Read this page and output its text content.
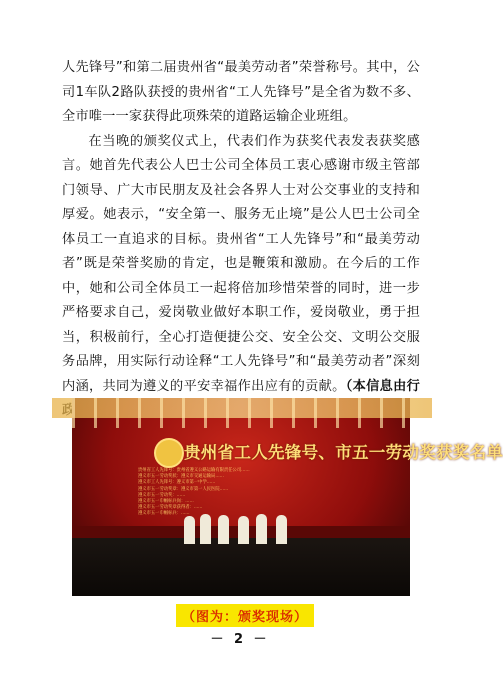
人先锋号”和第二届贵州省“最美劳动者”荣誉称号。其中，公司1车队2路队获授的贵州省“工人先锋号”是全省为数不多、全市唯一一家获得此项殊荣的道路运输企业班组。

在当晚的颁奖仪式上，代表们作为获奖代表发表获奖感言。她首先代表公人巴士公司全体员工衷心感谢市级主管部门领导、广大市民朋友及社会各界人士对公交事业的支持和厚爱。她表示，“安全第一、服务无止境”是公人巴士公司全体员工一直追求的目标。贵州省“工人先锋号”和“最美劳动者”既是荣誉奖励的肯定，也是鞭策和激励。在今后的工作中，她和公司全体员工一起将倍加珍惜荣誉的同时，进一步严格要求自己，爱岗敬业做好本职工作，爱岗敬业，勇于担当，积极前行，全心打造便捷公交、安全公交、文明公交服务品牌，用实际行动诠释“工人先锋号”和“最美劳动者”深刻内涵，共同为遵义的平安幸福作出应有的贡献。（本信息由行　

贵州省工人先锋号、市五一劳动奖获奖名单
贵州省工人先锋号：贵州省遵义公路运输有限责任公司……
遵义市五一劳动奖状：遵义市交通运输局……
遵义市工人先锋号：遵义市第一中学……
遵义市五一劳动奖章：遵义市第一人民医院……
遵义市五一劳动奖：……
遵义市五一巾帼标兵岗：……
遵义市五一劳动奖章获得者：……
遵义市五一巾帼标兵：……
（图为：颁奖现场）
－ 2 －
